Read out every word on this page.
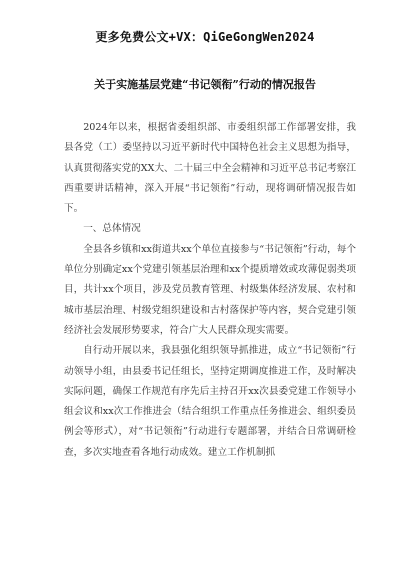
更多免费公文+VX：QiGeGongWen2024
关于实施基层党建“书记领衔”行动的情况报告

2024年以来，根据省委组织部、市委组织部工作部署安排，我县各党（工）委坚持以习近平新时代中国特色社会主义思想为指导，认真贯彻落实党的XX大、二十届三中全会精神和习近平总书记考察江西重要讲话精神，深入开展“书记领衔”行动，现将调研情况报告如下。

一、总体情况

全县各乡镇和xx街道共xx个单位直接参与“书记领衔”行动，每个单位分别确定xx个党建引领基层治理和xx个提质增效或攻薄促弱类项目，共计xx个项目，涉及党员教育管理、村级集体经济发展、农村和城市基层治理、村级党组织建设和古村落保护等内容，契合党建引领经济社会发展形势要求，符合广大人民群众现实需要。

自行动开展以来，我县强化组织领导抓推进，成立“书记领衔”行动领导小组，由县委书记任组长，坚持定期调度推进工作，及时解决实际问题，确保工作规范有序先后主持召开xx次县委党建工作领导小组会议和xx次工作推进会（结合组织工作重点任务推进会、组织委员例会等形式），对“书记领衔”行动进行专题部署，并结合日常调研检查，多次实地查看各地行动成效。建立工作机制抓
